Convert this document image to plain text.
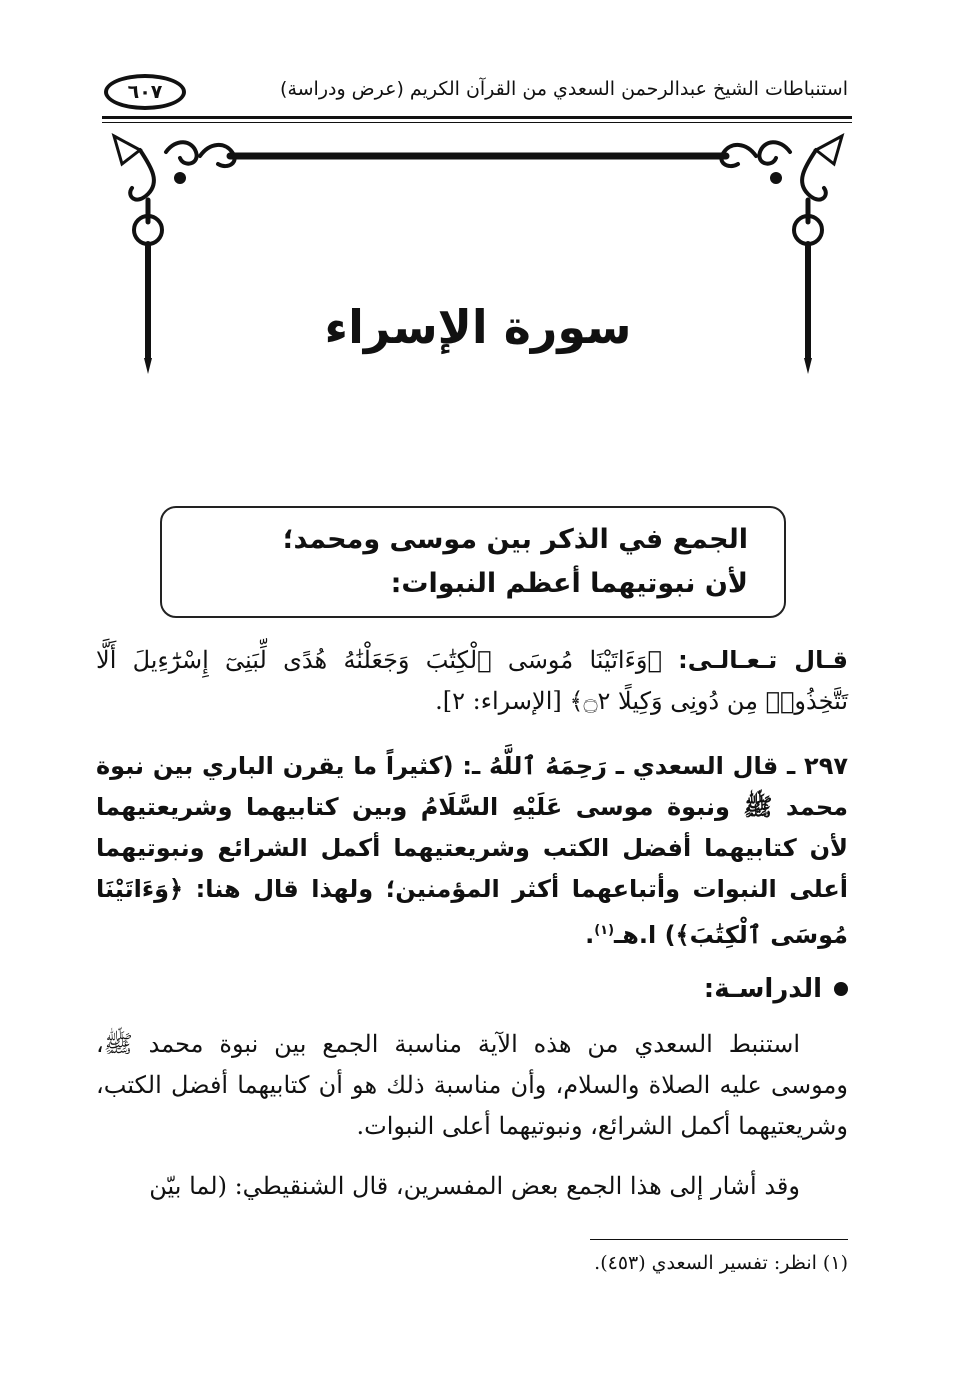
استنباطات الشيخ عبدالرحمن السعدي من القرآن الكريم (عرض ودراسة)
٦٠٧
سورة الإسراء
الجمع في الذكر بين موسى ومحمد؛
لأن نبوتيهما أعظم النبوات:
قـال تـعـالـى: ﴿وَءَاتَيْنَا مُوسَى ٱلْكِتَٰبَ وَجَعَلْنَٰهُ هُدًى لِّبَنِىٓ إِسْرَٰٓءِيلَ أَلَّا تَتَّخِذُوا۟ مِن دُونِى وَكِيلًا ۝٢﴾ [الإسراء: ٢].
٢٩٧ ـ قال السعدي ـ رَحِمَهُ ٱللَّهُ ـ: (كثيراً ما يقرن الباري بين نبوة محمد ﷺ ونبوة موسى عَلَيْهِ السَّلَامُ وبين كتابيهما وشريعتيهما لأن كتابيهما أفضل الكتب وشريعتيهما أكمل الشرائع ونبوتيهما أعلى النبوات وأتباعهما أكثر المؤمنين؛ ولهذا قال هنا: ﴿وَءَاتَيْنَا مُوسَى ٱلْكِتَٰبَ﴾) ا.هـ$^{(١)}$.
الدراسـة:
استنبط السعدي من هذه الآية مناسبة الجمع بين نبوة محمد ﷺ، وموسى عليه الصلاة والسلام، وأن مناسبة ذلك هو أن كتابيهما أفضل الكتب، وشريعتيهما أكمل الشرائع، ونبوتيهما أعلى النبوات.
وقد أشار إلى هذا الجمع بعض المفسرين، قال الشنقيطي: (لما بيّن
(١) انظر: تفسير السعدي (٤٥٣).
